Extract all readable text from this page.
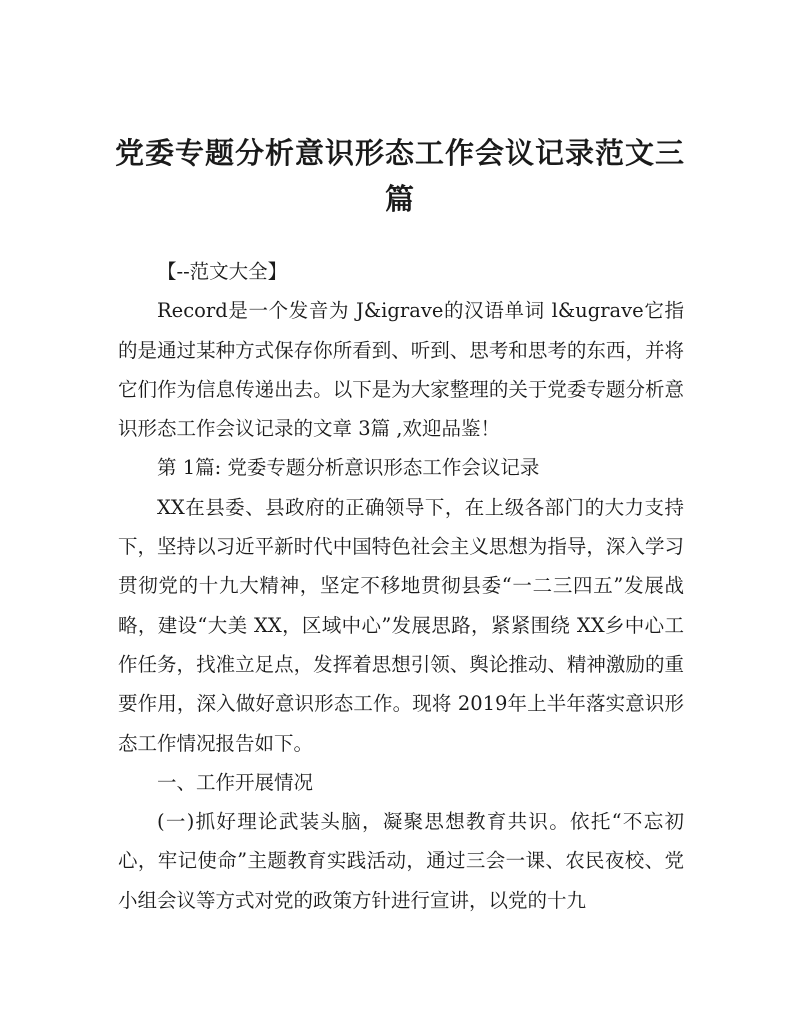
党委专题分析意识形态工作会议记录范文三篇

【--范文大全】

Record是一个发音为 J&igrave的汉语单词 l&ugrave它指的是通过某种方式保存你所看到、听到、思考和思考的东西，并将它们作为信息传递出去。以下是为大家整理的关于党委专题分析意识形态工作会议记录的文章 3篇 ,欢迎品鉴！

第 1篇: 党委专题分析意识形态工作会议记录

XX在县委、县政府的正确领导下，在上级各部门的大力支持下，坚持以习近平新时代中国特色社会主义思想为指导，深入学习贯彻党的十九大精神，坚定不移地贯彻县委“一二三四五”发展战略，建设“大美 XX，区域中心”发展思路，紧紧围绕 XX乡中心工作任务，找准立足点，发挥着思想引领、舆论推动、精神激励的重要作用，深入做好意识形态工作。现将 2019年上半年落实意识形态工作情况报告如下。

一、工作开展情况

(一)抓好理论武装头脑，凝聚思想教育共识。依托“不忘初心，牢记使命”主题教育实践活动，通过三会一课、农民夜校、党小组会议等方式对党的政策方针进行宣讲，以党的十九
